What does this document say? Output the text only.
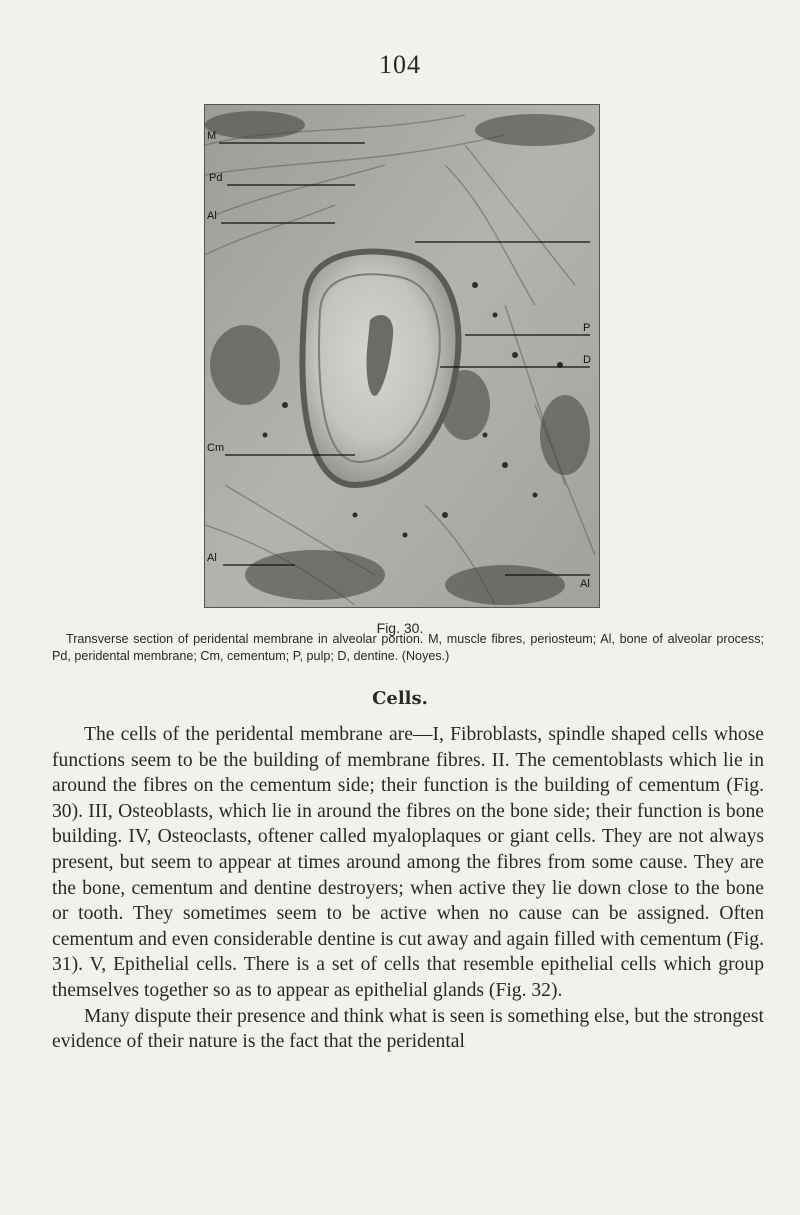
104
M
Pd
Al
P
D
Cm
Al
Al
Fig. 30.
Transverse section of peridental membrane in alveolar portion. M, muscle fibres, periosteum; Al, bone of alveolar process; Pd, peridental membrane; Cm, cementum; P, pulp; D, dentine. (Noyes.)
Cells.

The cells of the peridental membrane are—I, Fibroblasts, spindle shaped cells whose functions seem to be the building of membrane fibres. II. The cementoblasts which lie in around the fibres on the cementum side; their function is the building of cementum (Fig. 30). III, Osteoblasts, which lie in around the fibres on the bone side; their function is bone building. IV, Osteoclasts, oftener called myaloplaques or giant cells. They are not always present, but seem to appear at times around among the fibres from some cause. They are the bone, cementum and dentine destroyers; when active they lie down close to the bone or tooth. They sometimes seem to be active when no cause can be assigned. Often cementum and even considerable dentine is cut away and again filled with cementum (Fig. 31). V, Epithelial cells. There is a set of cells that resemble epithelial cells which group themselves together so as to appear as epithelial glands (Fig. 32).

Many dispute their presence and think what is seen is something else, but the strongest evidence of their nature is the fact that the peridental
